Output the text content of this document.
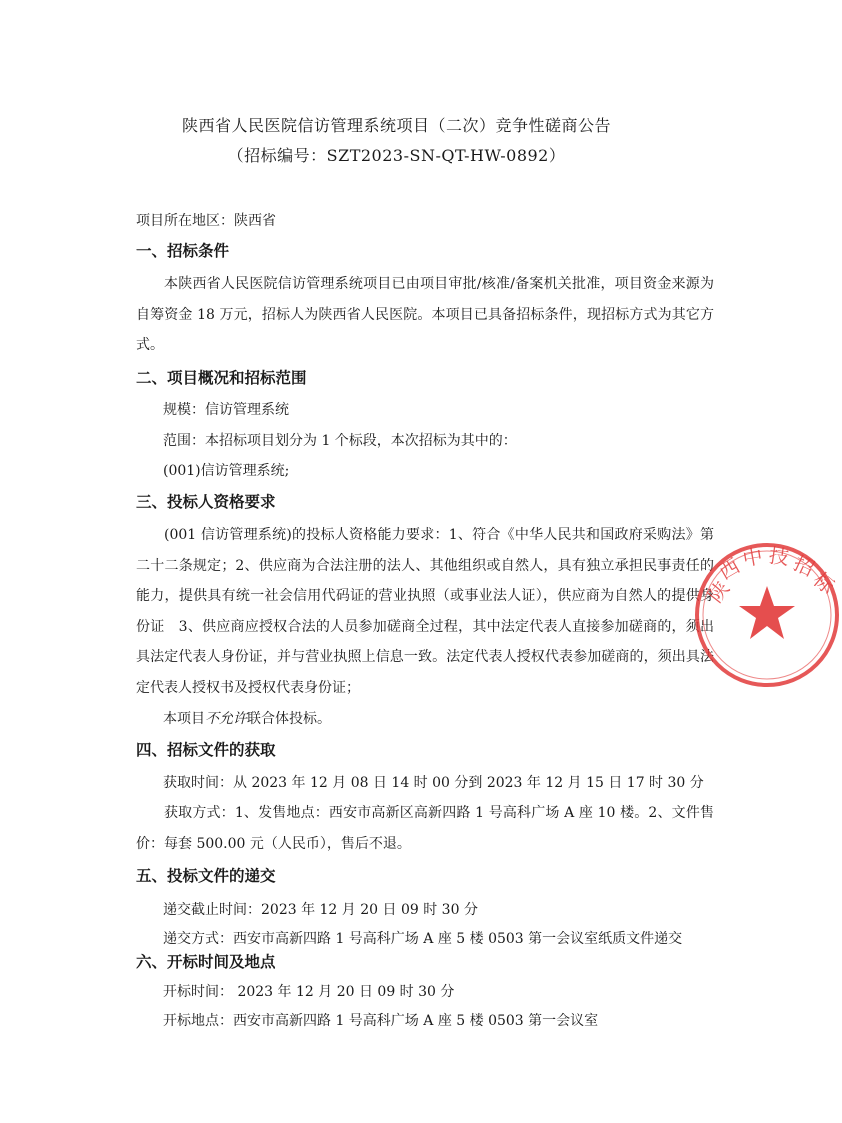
陕西省人民医院信访管理系统项目（二次）竞争性磋商公告
（招标编号：SZT2023-SN-QT-HW-0892）
项目所在地区：陕西省
一、招标条件
本陕西省人民医院信访管理系统项目已由项目审批/核准/备案机关批准，项目资金来源为自筹资金 18 万元，招标人为陕西省人民医院。本项目已具备招标条件，现招标方式为其它方式。
二、项目概况和招标范围
规模：信访管理系统
范围：本招标项目划分为 1 个标段，本次招标为其中的：
(001)信访管理系统;
三、投标人资格要求
(001 信访管理系统)的投标人资格能力要求：1、符合《中华人民共和国政府采购法》第二十二条规定；2、供应商为合法注册的法人、其他组织或自然人，具有独立承担民事责任的能力，提供具有统一社会信用代码证的营业执照（或事业法人证），供应商为自然人的提供身份证　3、供应商应授权合法的人员参加磋商全过程，其中法定代表人直接参加磋商的，须出具法定代表人身份证，并与营业执照上信息一致。法定代表人授权代表参加磋商的，须出具法定代表人授权书及授权代表身份证；
本项目不允许联合体投标。
四、招标文件的获取
获取时间：从 2023 年 12 月 08 日 14 时 00 分到 2023 年 12 月 15 日 17 时 30 分
获取方式：1、发售地点：西安市高新区高新四路 1 号高科广场 A 座 10 楼。2、文件售价：每套 500.00 元（人民币），售后不退。
五、投标文件的递交
递交截止时间：2023 年 12 月 20 日 09 时 30 分
递交方式：西安市高新四路 1 号高科广场 A 座 5 楼 0503 第一会议室纸质文件递交
六、开标时间及地点
开标时间： 2023 年 12 月 20 日 09 时 30 分
开标地点：西安市高新四路 1 号高科广场 A 座 5 楼 0503 第一会议室
陕
西
中 技 招
标
